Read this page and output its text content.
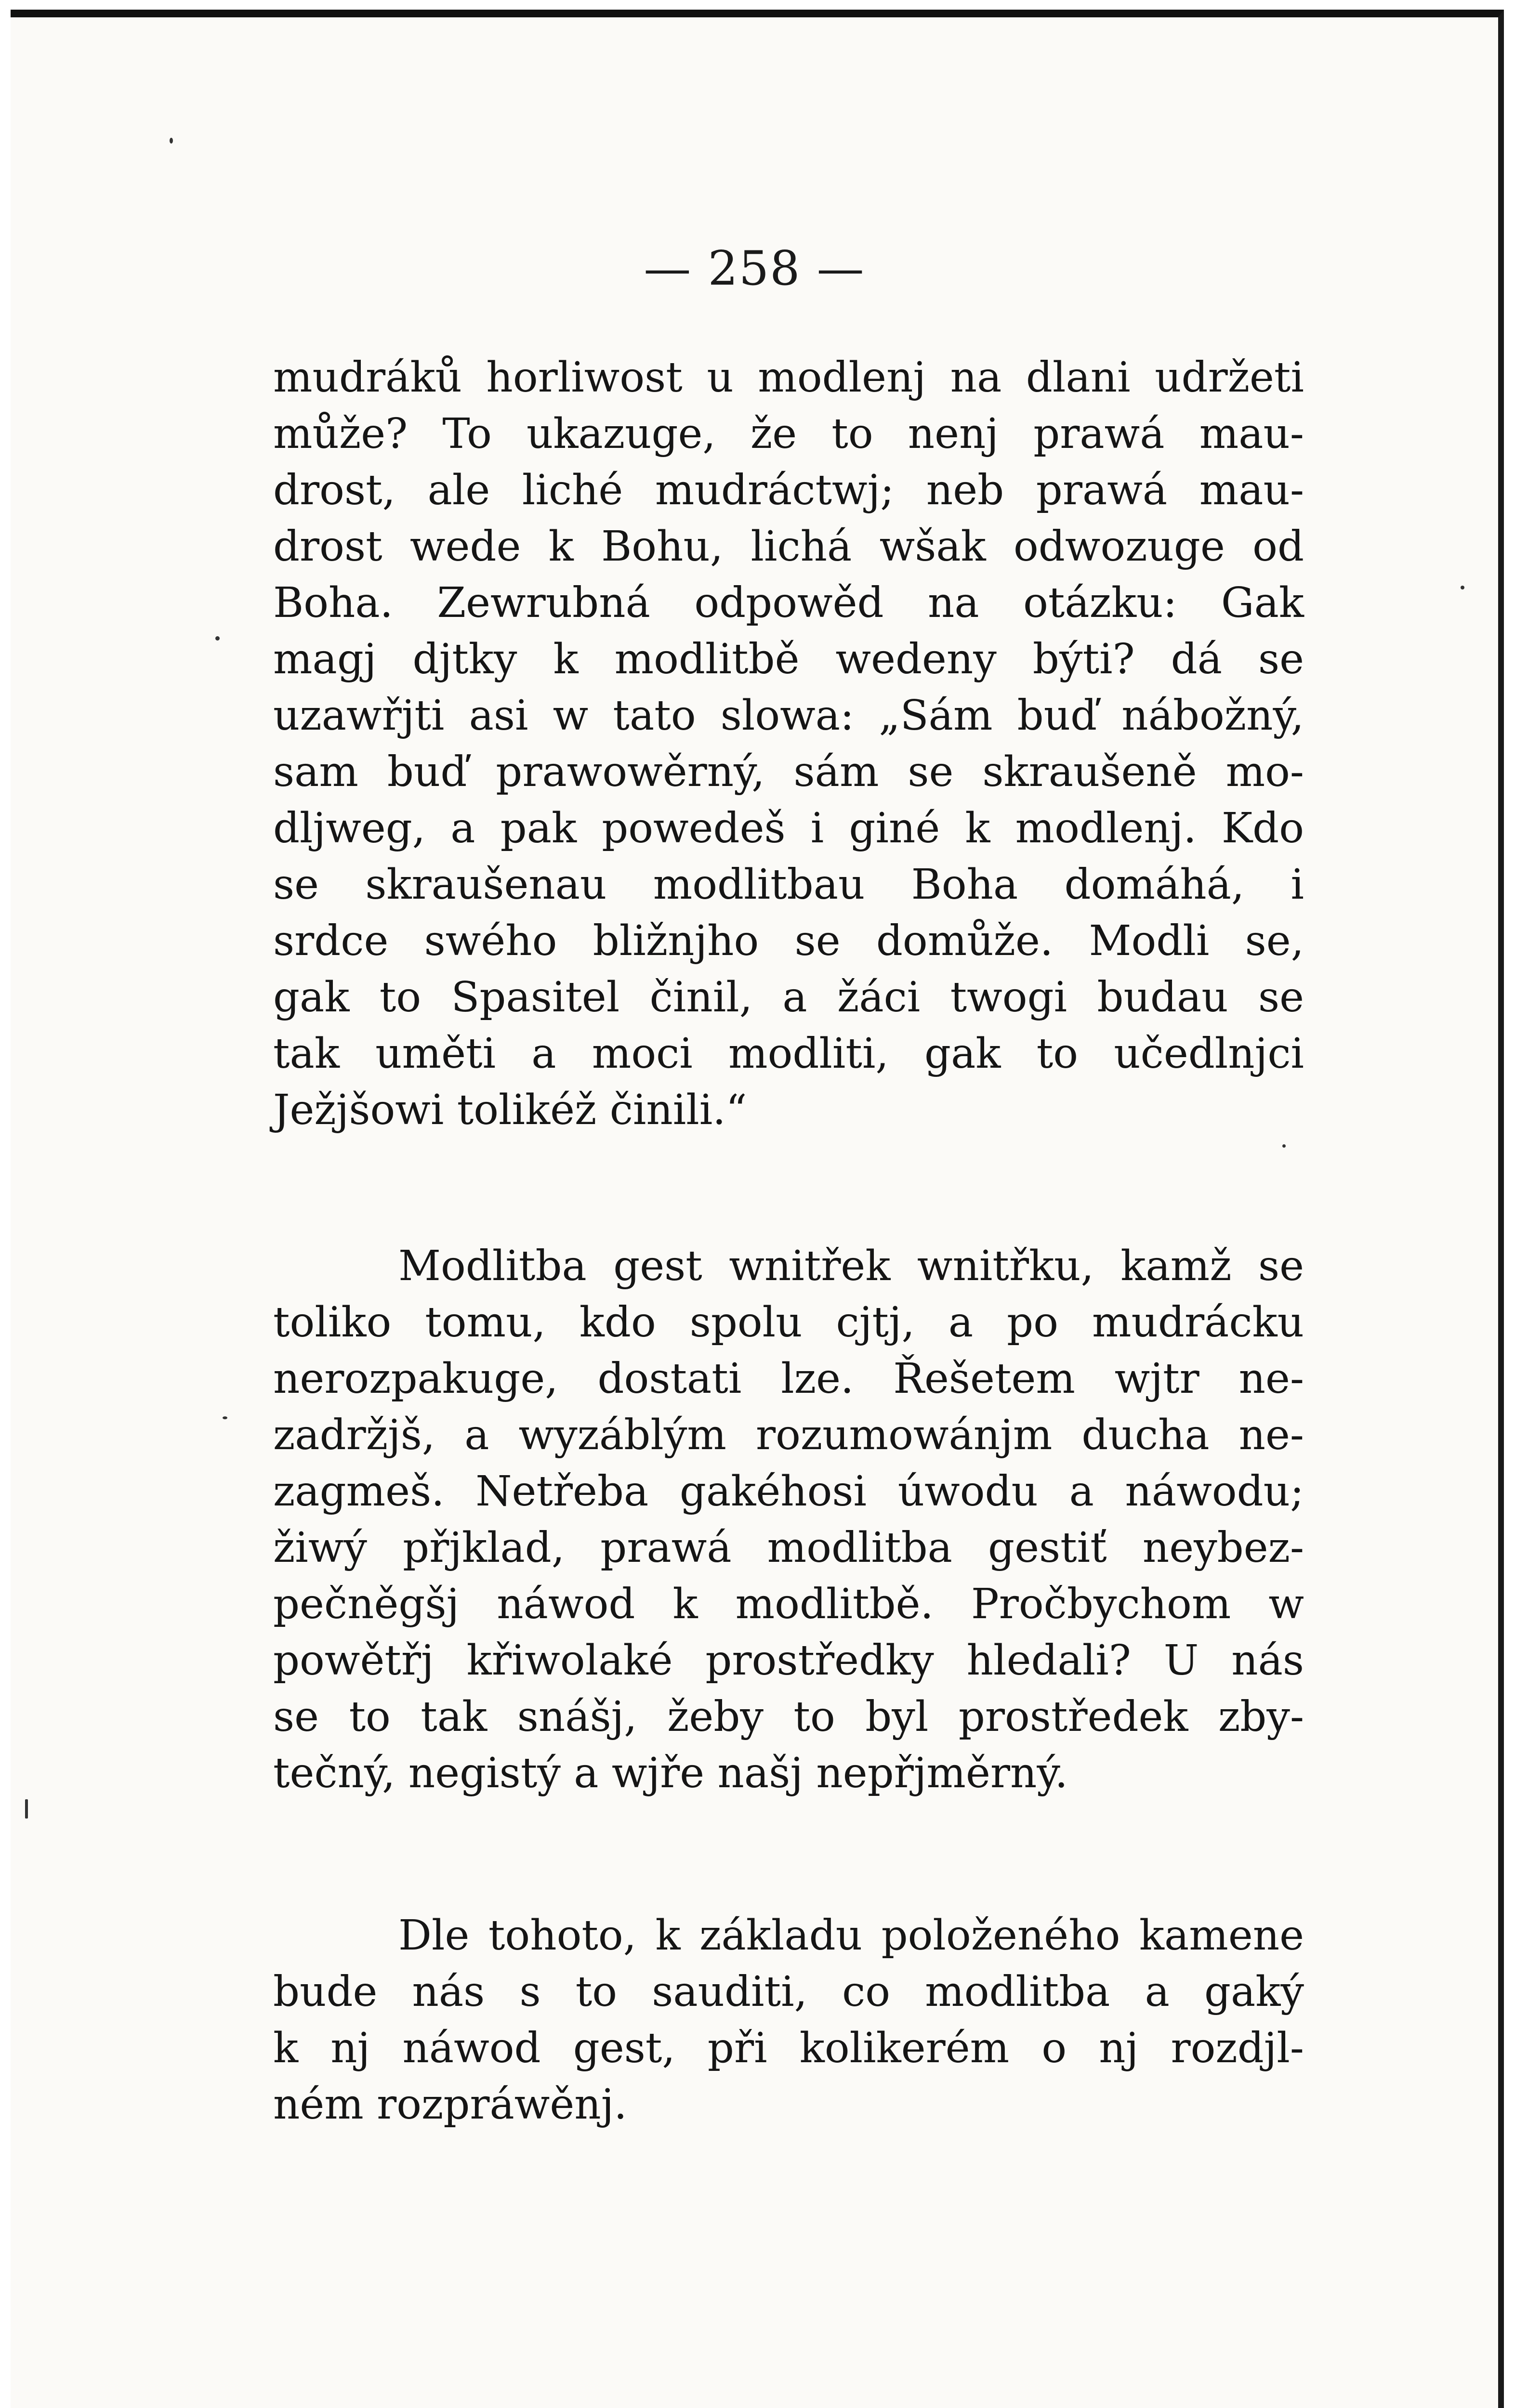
— 258 —
mudráků horliwost u modlenj na dlani udržeti
může? To ukazuge, že to nenj prawá mau-
drost, ale liché mudráctwj; neb prawá mau-
drost wede k Bohu, lichá wšak odwozuge od
Boha. Zewrubná odpowěd na otázku: Gak
magj djtky k modlitbě wedeny býti? dá se
uzawřjti asi w tato slowa: „Sám buď nábožný,
sam buď prawowěrný, sám se skraušeně mo-
dljweg, a pak powedeš i giné k modlenj. Kdo
se skraušenau modlitbau Boha domáhá, i
srdce swého bližnjho se domůže. Modli se,
gak to Spasitel činil, a žáci twogi budau se
tak uměti a moci modliti, gak to učedlnjci
Ježjšowi tolikéž činili.“
Modlitba gest wnitřek wnitřku, kamž se
toliko tomu, kdo spolu cjtj, a po mudrácku
nerozpakuge, dostati lze. Řešetem wjtr ne-
zadržjš, a wyzáblým rozumowánjm ducha ne-
zagmeš. Netřeba gakéhosi úwodu a náwodu;
žiwý přjklad, prawá modlitba gestiť neybez-
pečněgšj náwod k modlitbě. Pročbychom w
powětřj křiwolaké prostředky hledali? U nás
se to tak snášj, žeby to byl prostředek zby-
tečný, negistý a wjře našj nepřjměrný.
Dle tohoto, k základu položeného kamene
bude nás s to sauditi, co modlitba a gaký
k nj náwod gest, při kolikerém o nj rozdjl-
ném rozpráwěnj.
